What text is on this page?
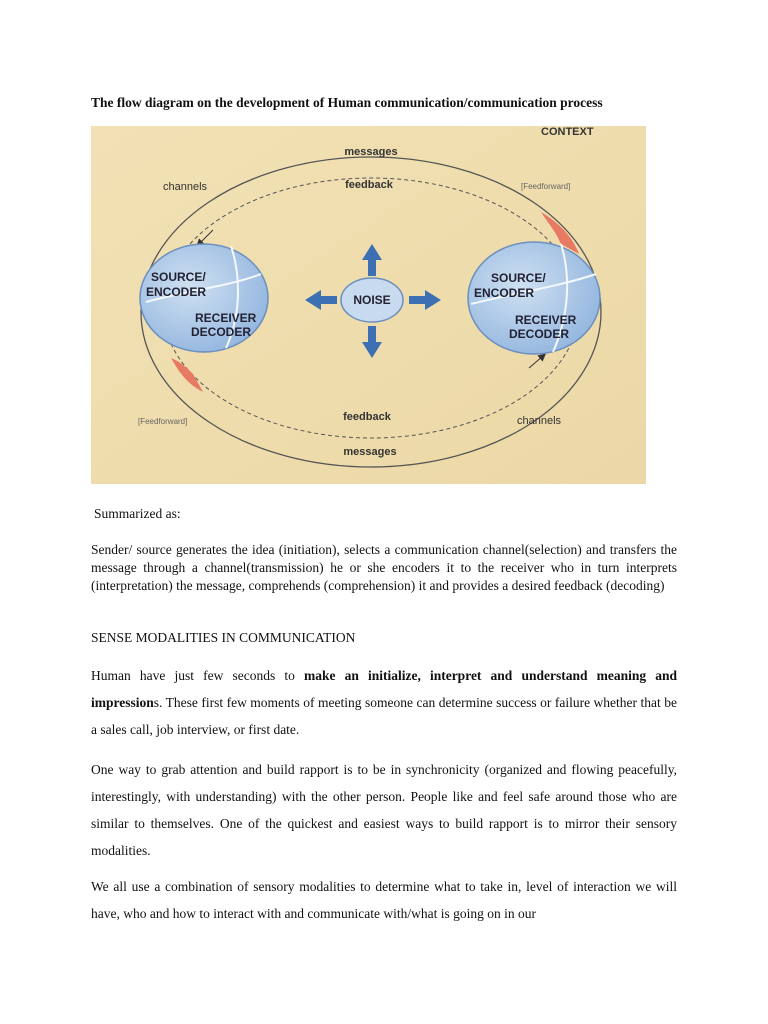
The flow diagram on the development of Human communication/communication process
SOURCE/
ENCODER
RECEIVER
DECODER
SOURCE/
ENCODER
RECEIVER
DECODER
NOISE
CONTEXT
messages
feedback
channels	[Feedforward]
[Feedforward]	feedback	channels
messages
Summarized as:
Sender/ source generates the idea (initiation), selects a communication channel(selection) and transfers the message through a channel(transmission) he or she encoders it to the receiver who in turn interprets (interpretation) the message, comprehends (comprehension) it and provides a desired feedback (decoding)
SENSE MODALITIES IN COMMUNICATION
Human have just few seconds to make an initialize, interpret and understand meaning and impressions. These first few moments of meeting someone can determine success or failure whether that be a sales call, job interview, or first date.
One way to grab attention and build rapport is to be in synchronicity (organized and flowing peacefully, interestingly, with understanding) with the other person. People like and feel safe around those who are similar to themselves. One of the quickest and easiest ways to build rapport is to mirror their sensory modalities.
We all use a combination of sensory modalities to determine what to take in, level of interaction we will have, who and how to interact with and communicate with/what is going on in our
